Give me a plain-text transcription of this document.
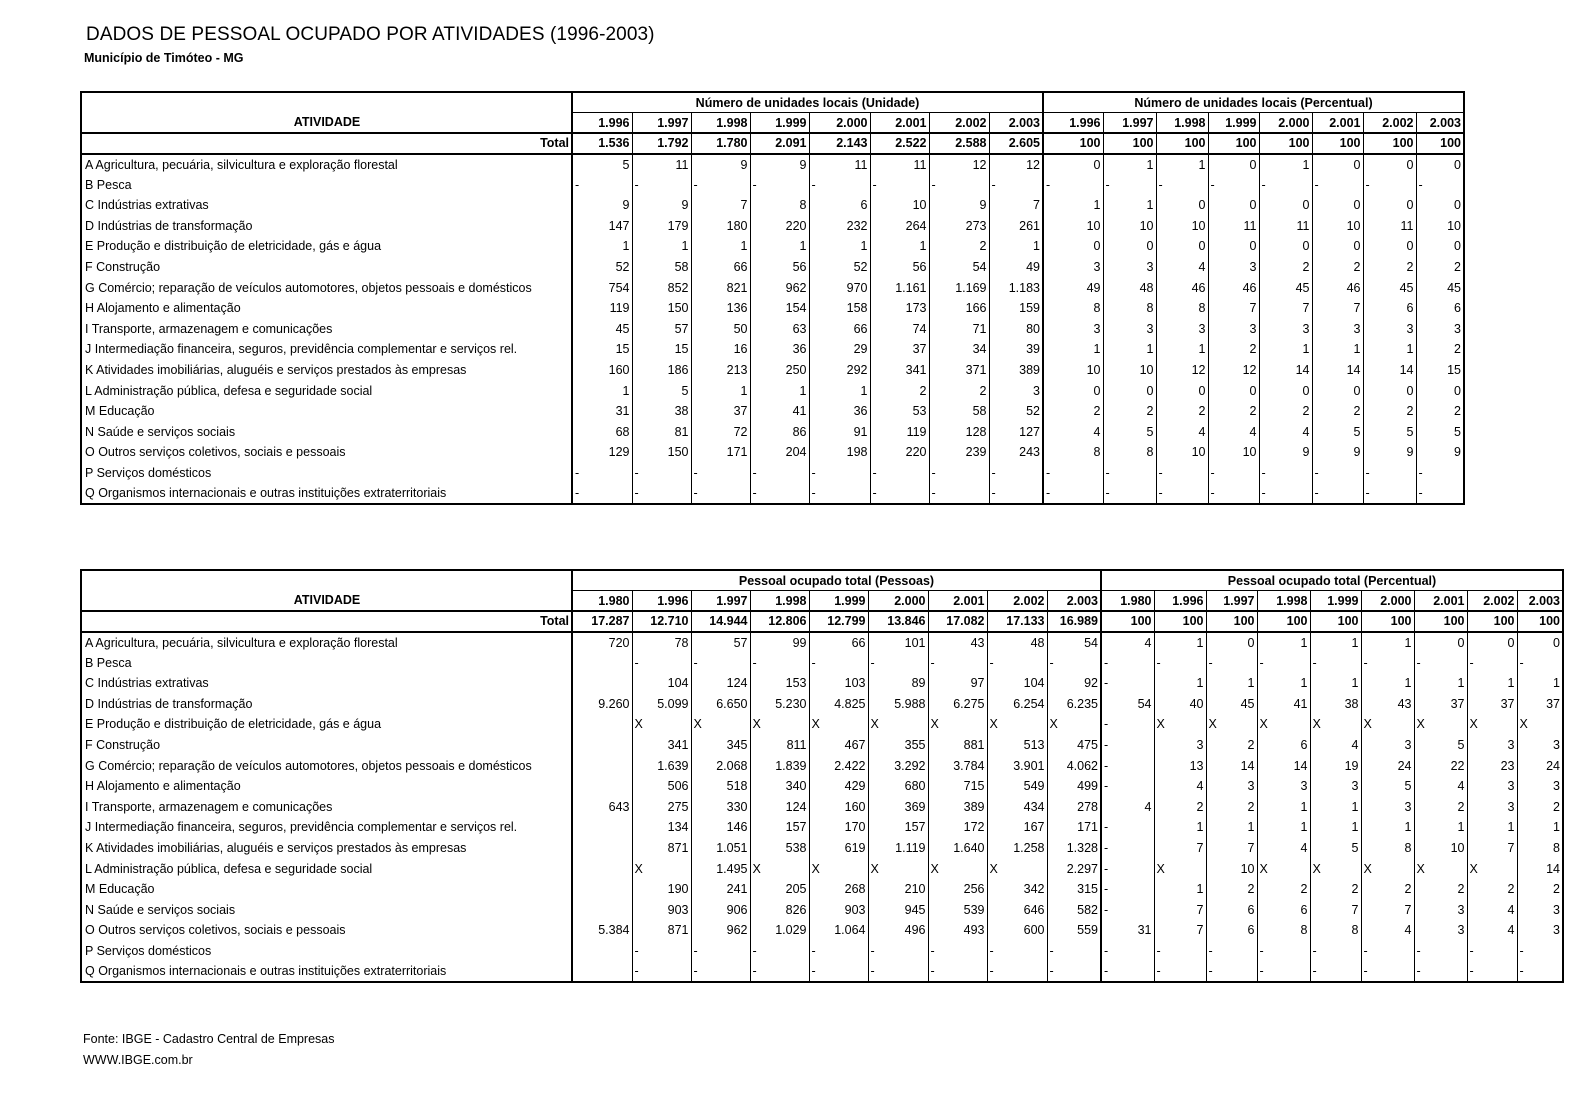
DADOS DE PESSOAL OCUPADO POR ATIVIDADES (1996-2003)
Município de Timóteo - MG
	Número de unidades locais (Unidade)								Número de unidades locais (Percentual)							
ATIVIDADE	1.996	1.997	1.998	1.999	2.000	2.001	2.002	2.003	1.996	1.997	1.998	1.999	2.000	2.001	2.002	2.003
Total	1.536	1.792	1.780	2.091	2.143	2.522	2.588	2.605	100	100	100	100	100	100	100	100
A Agricultura, pecuária, silvicultura e exploração florestal	5	11	9	9	11	11	12	12	0	1	1	0	1	0	0	0
B Pesca	-	-	-	-	-	-	-	-	-	-	-	-	-	-	-	-
C Indústrias extrativas	9	9	7	8	6	10	9	7	1	1	0	0	0	0	0	0
D Indústrias de transformação	147	179	180	220	232	264	273	261	10	10	10	11	11	10	11	10
E Produção e distribuição de eletricidade, gás e água	1	1	1	1	1	1	2	1	0	0	0	0	0	0	0	0
F Construção	52	58	66	56	52	56	54	49	3	3	4	3	2	2	2	2
G Comércio; reparação de veículos automotores, objetos pessoais e domésticos	754	852	821	962	970	1.161	1.169	1.183	49	48	46	46	45	46	45	45
H Alojamento e alimentação	119	150	136	154	158	173	166	159	8	8	8	7	7	7	6	6
I Transporte, armazenagem e comunicações	45	57	50	63	66	74	71	80	3	3	3	3	3	3	3	3
J Intermediação financeira, seguros, previdência complementar e serviços rel.	15	15	16	36	29	37	34	39	1	1	1	2	1	1	1	2
K Atividades imobiliárias, aluguéis e serviços prestados às empresas	160	186	213	250	292	341	371	389	10	10	12	12	14	14	14	15
L Administração pública, defesa e seguridade social	1	5	1	1	1	2	2	3	0	0	0	0	0	0	0	0
M Educação	31	38	37	41	36	53	58	52	2	2	2	2	2	2	2	2
N Saúde e serviços sociais	68	81	72	86	91	119	128	127	4	5	4	4	4	5	5	5
O Outros serviços coletivos, sociais e pessoais	129	150	171	204	198	220	239	243	8	8	10	10	9	9	9	9
P Serviços domésticos	-	-	-	-	-	-	-	-	-	-	-	-	-	-	-	-
Q Organismos internacionais e outras instituições extraterritoriais	-	-	-	-	-	-	-	-	-	-	-	-	-	-	-	-
	Pessoal ocupado total (Pessoas)									Pessoal ocupado total (Percentual)								
ATIVIDADE	1.980	1.996	1.997	1.998	1.999	2.000	2.001	2.002	2.003	1.980	1.996	1.997	1.998	1.999	2.000	2.001	2.002	2.003
Total	17.287	12.710	14.944	12.806	12.799	13.846	17.082	17.133	16.989	100	100	100	100	100	100	100	100	100
A Agricultura, pecuária, silvicultura e exploração florestal	720	78	57	99	66	101	43	48	54	4	1	0	1	1	1	0	0	0
B Pesca		-	-	-	-	-	-	-	-	-	-	-	-	-	-	-	-	-
C Indústrias extrativas		104	124	153	103	89	97	104	92	-	1	1	1	1	1	1	1	1
D Indústrias de transformação	9.260	5.099	6.650	5.230	4.825	5.988	6.275	6.254	6.235	54	40	45	41	38	43	37	37	37
E Produção e distribuição de eletricidade, gás e água		X	X	X	X	X	X	X	X	-	X	X	X	X	X	X	X	X
F Construção		341	345	811	467	355	881	513	475	-	3	2	6	4	3	5	3	3
G Comércio; reparação de veículos automotores, objetos pessoais e domésticos		1.639	2.068	1.839	2.422	3.292	3.784	3.901	4.062	-	13	14	14	19	24	22	23	24
H Alojamento e alimentação		506	518	340	429	680	715	549	499	-	4	3	3	3	5	4	3	3
I Transporte, armazenagem e comunicações	643	275	330	124	160	369	389	434	278	4	2	2	1	1	3	2	3	2
J Intermediação financeira, seguros, previdência complementar e serviços rel.		134	146	157	170	157	172	167	171	-	1	1	1	1	1	1	1	1
K Atividades imobiliárias, aluguéis e serviços prestados às empresas		871	1.051	538	619	1.119	1.640	1.258	1.328	-	7	7	4	5	8	10	7	8
L Administração pública, defesa e seguridade social		X	1.495	X	X	X	X	X	2.297	-	X	10	X	X	X	X	X	14
M Educação		190	241	205	268	210	256	342	315	-	1	2	2	2	2	2	2	2
N Saúde e serviços sociais		903	906	826	903	945	539	646	582	-	7	6	6	7	7	3	4	3
O Outros serviços coletivos, sociais e pessoais	5.384	871	962	1.029	1.064	496	493	600	559	31	7	6	8	8	4	3	4	3
P Serviços domésticos		-	-	-	-	-	-	-	-	-	-	-	-	-	-	-	-	-
Q Organismos internacionais e outras instituições extraterritoriais		-	-	-	-	-	-	-	-	-	-	-	-	-	-	-	-	-
Fonte: IBGE - Cadastro Central de Empresas
WWW.IBGE.com.br
